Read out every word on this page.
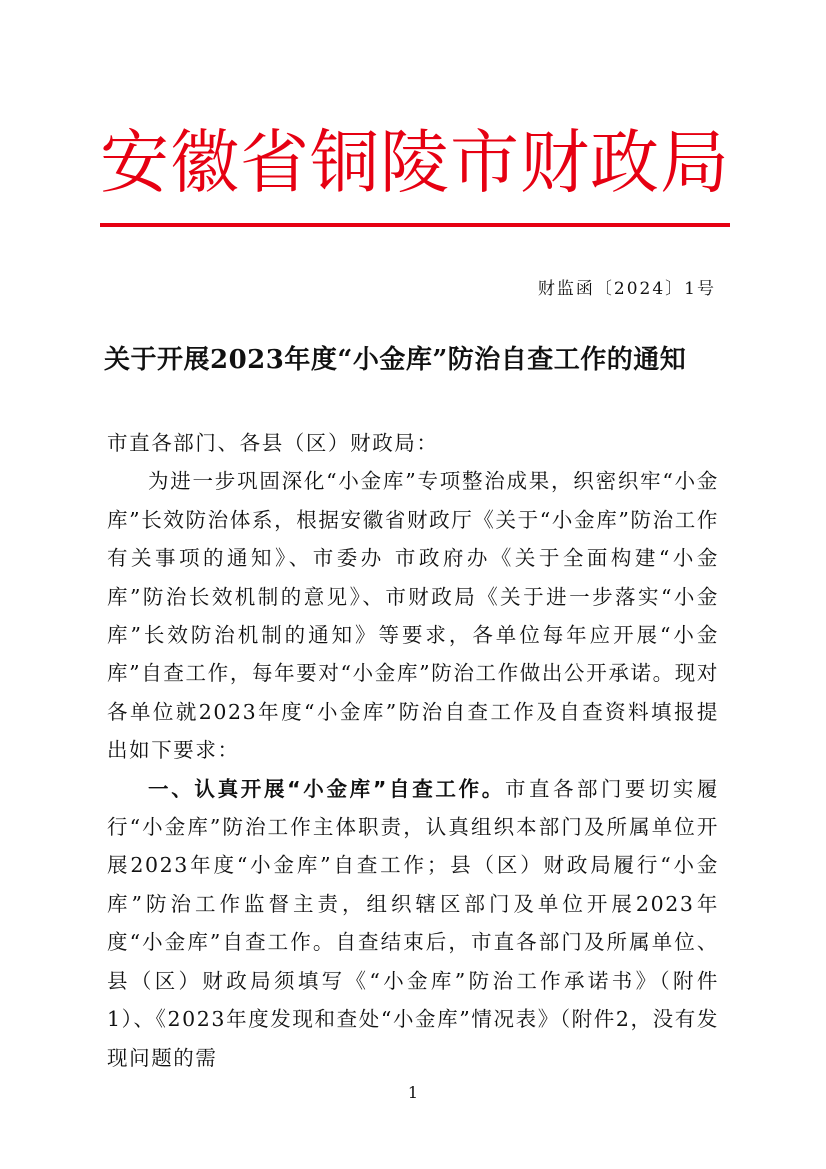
安徽省铜陵市财政局
财监函〔2024〕1号
关于开展2023年度“小金库”防治自查工作的通知

市直各部门、各县（区）财政局：

为进一步巩固深化“小金库”专项整治成果，织密织牢“小金库”长效防治体系，根据安徽省财政厅《关于“小金库”防治工作有关事项的通知》、市委办 市政府办《关于全面构建“小金库”防治长效机制的意见》、市财政局《关于进一步落实“小金库”长效防治机制的通知》等要求，各单位每年应开展“小金库”自查工作，每年要对“小金库”防治工作做出公开承诺。现对各单位就2023年度“小金库”防治自查工作及自查资料填报提出如下要求：

一、认真开展“小金库”自查工作。市直各部门要切实履行“小金库”防治工作主体职责，认真组织本部门及所属单位开展2023年度“小金库”自查工作；县（区）财政局履行“小金库”防治工作监督主责，组织辖区部门及单位开展2023年度“小金库”自查工作。自查结束后，市直各部门及所属单位、县（区）财政局须填写《“小金库”防治工作承诺书》（附件1）、《2023年度发现和查处“小金库”情况表》（附件2，没有发现问题的需

1
